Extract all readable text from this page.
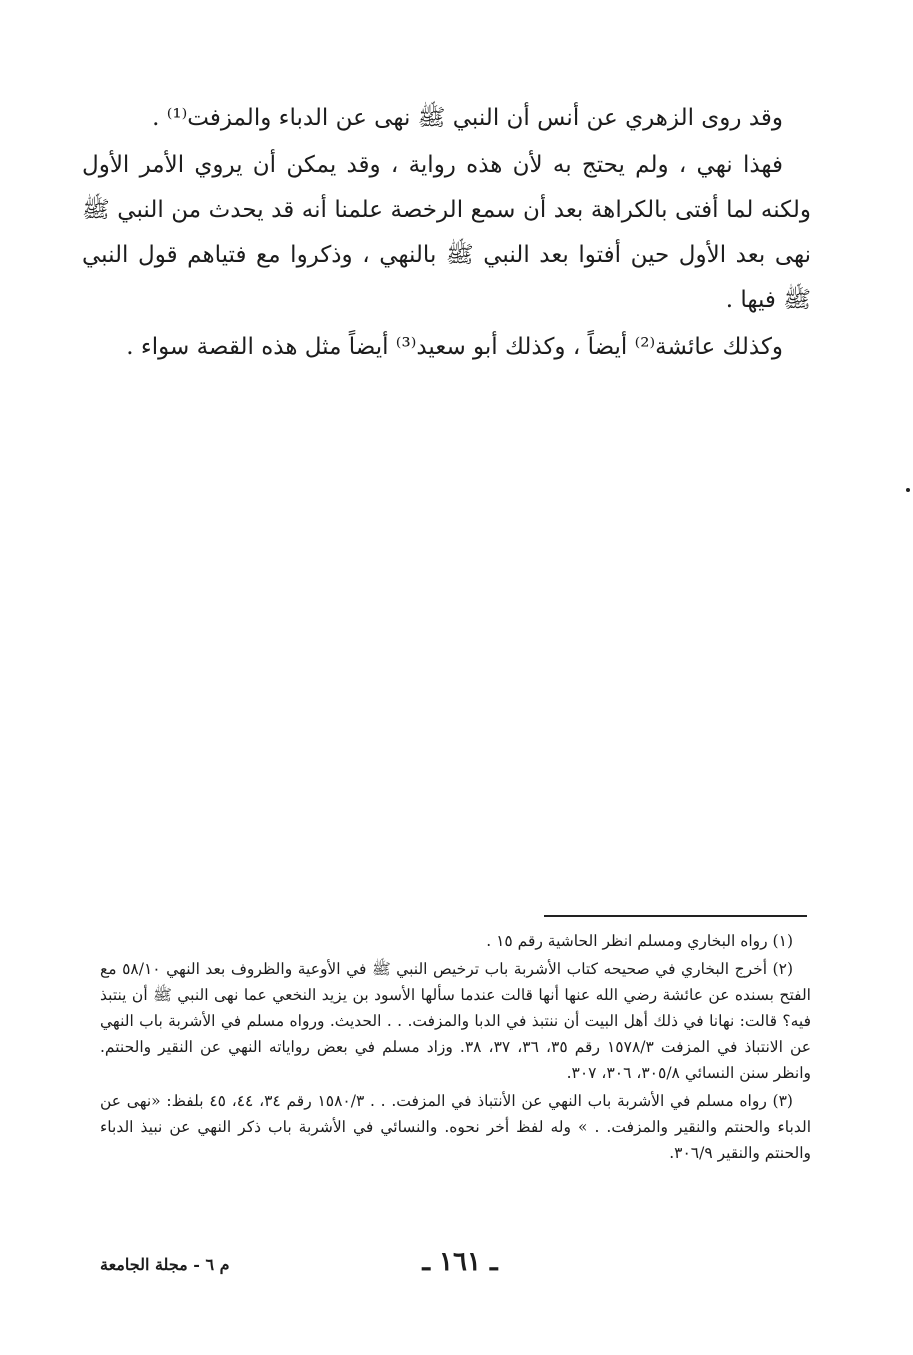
وقد روى الزهري عن أنس أن النبي ﷺ نهى عن الدباء والمزفت⁽¹⁾ .

فهذا نهي ، ولم يحتج به لأن هذه رواية ، وقد يمكن أن يروي الأمر الأول ولكنه لما أفتى بالكراهة بعد أن سمع الرخصة علمنا أنه قد يحدث من النبي ﷺ نهى بعد الأول حين أفتوا بعد النبي ﷺ بالنهي ، وذكروا مع فتياهم قول النبي ﷺ فيها .

وكذلك عائشة⁽²⁾ أيضاً ، وكذلك أبو سعيد⁽³⁾ أيضاً مثل هذه القصة سواء .

(١) رواه البخاري ومسلم انظر الحاشية رقم ١٥ .

(٢) أخرج البخاري في صحيحه كتاب الأشربة باب ترخيص النبي ﷺ في الأوعية والظروف بعد النهي ٥٨/١٠ مع الفتح بسنده عن عائشة رضي الله عنها أنها قالت عندما سألها الأسود بن يزيد النخعي عما نهى النبي ﷺ أن ينتبذ فيه؟ قالت: نهانا في ذلك أهل البيت أن ننتبذ في الدبا والمزفت. . . الحديث. ورواه مسلم في الأشربة باب النهي عن الانتباذ في المزفت ١٥٧٨/٣ رقم ٣٥، ٣٦، ٣٧، ٣٨. وزاد مسلم في بعض رواياته النهي عن النقير والحنتم. وانظر سنن النسائي ٣٠٥/٨، ٣٠٦، ٣٠٧.

(٣) رواه مسلم في الأشربة باب النهي عن الأنتباذ في المزفت. . . ١٥٨٠/٣ رقم ٣٤، ٤٤، ٤٥ بلفظ: «نهى عن الدباء والحنتم والنقير والمزفت. . » وله لفظ أخر نحوه. والنسائي في الأشربة باب ذكر النهي عن نبيذ الدباء والحنتم والنقير ٣٠٦/٩.

ـ ١٦١ ـ
م ٦ - مجلة الجامعة
